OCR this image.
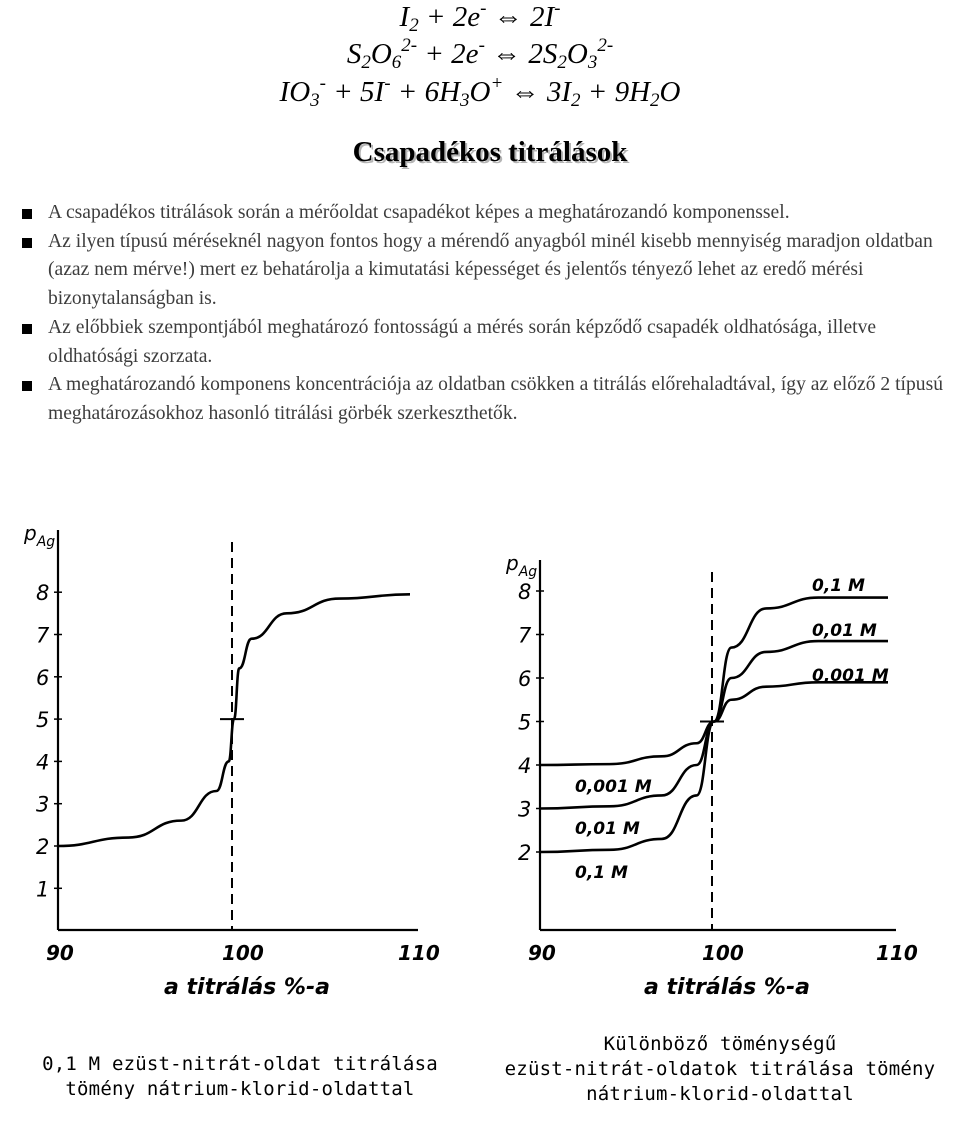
$I_2 + 2e^-$ ⇔ 2I-
$S_2O_6^{2-} + 2e^-$ ⇔ $2S_2O_3^{2-}$
$IO_3^- + 5I^- + 6H_3O^+$ ⇔ $3I_2 + 9H_2O$
Csapadékos titrálások
A csapadékos titrálások során a mérőoldat csapadékot képes a meghatározandó komponenssel.
Az ilyen típusú méréseknél nagyon fontos hogy a mérendő anyagból minél kisebb mennyiség maradjon oldatban (azaz nem mérve!) mert ez behatárolja a kimutatási képességet és jelentős tényező lehet az eredő mérési bizonytalanságban is.
Az előbbiek szempontjából meghatározó fontosságú a mérés során képződő csapadék oldhatósága, illetve oldhatósági szorzata.
A meghatározandó komponens koncentrációja az oldatban csökken a titrálás előrehaladtával, így az előző 2 típusú meghatározásokhoz hasonló titrálási görbék szerkeszthetők.
$p_{Ag}$
1
2
3
4
5
6
7
8
90	100	110
a titrálás %-a
$p_{Ag}$
2
3
4
5
6
7
8
90	100	110
a titrálás %-a
0,1 M
0,01 M
0,001 M
0,001 M
0,01 M
0,1 M
0,1 M ezüst-nitrát-oldat titrálása
tömény nátrium-klorid-oldattal
Különböző töménységű
ezüst-nitrát-oldatok titrálása tömény
nátrium-klorid-oldattal
